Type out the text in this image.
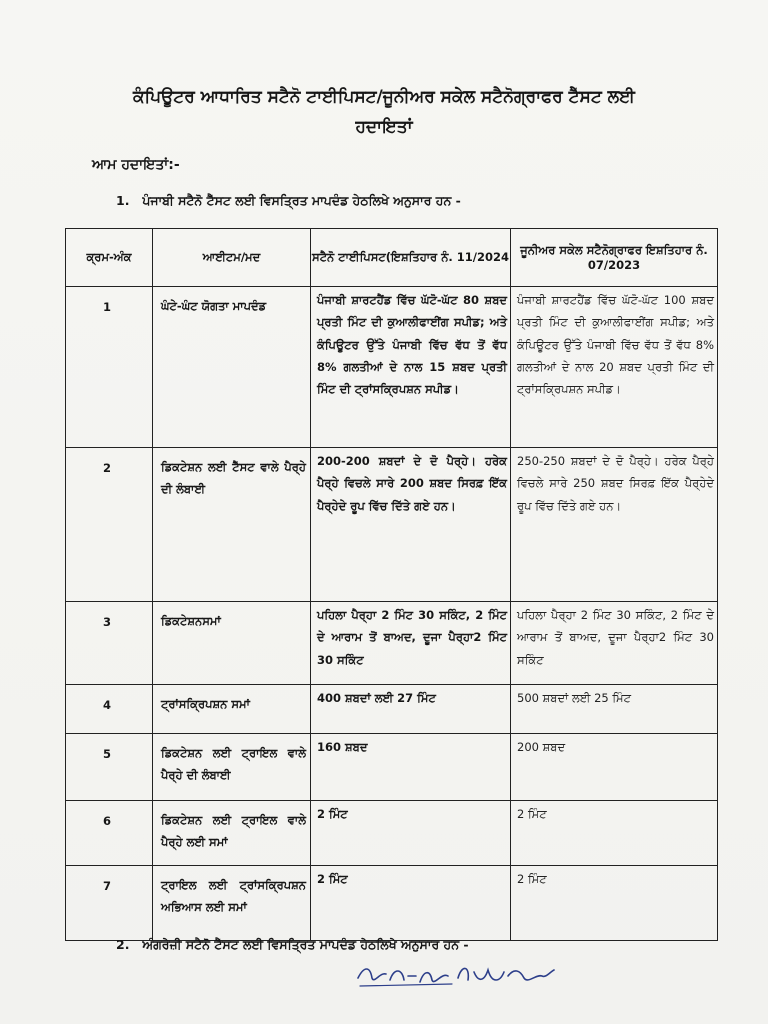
ਕੰਪਿਊਟਰ ਆਧਾਰਿਤ ਸਟੈਨੋ ਟਾਈਪਿਸਟ/ਜੂਨੀਅਰ ਸਕੇਲ ਸਟੈਨੋਗ੍ਰਾਫਰ ਟੈੱਸਟ ਲਈ
ਹਦਾਇਤਾਂ
ਆਮ ਹਦਾਇਤਾਂ:-
1. ਪੰਜਾਬੀ ਸਟੈਨੋ ਟੈੱਸਟ ਲਈ ਵਿਸਤ੍ਰਿਤ ਮਾਪਦੰਡ ਹੇਠਲਿਖੇ ਅਨੁਸਾਰ ਹਨ -
ਕ੍ਰਮ-ਅੰਕ	ਆਈਟਮ/ਮਦ	ਸਟੈਨੋ ਟਾਈਪਿਸਟ(ਇਸ਼ਤਿਹਾਰ ਨੰ. 11/2024	ਜੂਨੀਅਰ ਸਕੇਲ ਸਟੈਨੋਗ੍ਰਾਫਰ ਇਸ਼ਤਿਹਾਰ ਨੰ. 07/2023

1	ਘੰਟੇ-ਘੰਟ ਯੋਗਤਾ ਮਾਪਦੰਡ	ਪੰਜਾਬੀ ਸ਼ਾਰਟਹੈਂਡ ਵਿੱਚ ਘੱਟੋ-ਘੱਟ 80 ਸ਼ਬਦ ਪ੍ਰਤੀ ਮਿੰਟ ਦੀ ਕੁਆਲੀਫਾਈਂਗ ਸਪੀਡ; ਅਤੇ ਕੰਪਿਊਟਰ ਉੱਤੇ ਪੰਜਾਬੀ ਵਿੱਚ ਵੱਧ ਤੋਂ ਵੱਧ 8% ਗਲਤੀਆਂ ਦੇ ਨਾਲ 15 ਸ਼ਬਦ ਪ੍ਰਤੀ ਮਿੰਟ ਦੀ ਟ੍ਰਾਂਸਕ੍ਰਿਪਸ਼ਨ ਸਪੀਡ।	ਪੰਜਾਬੀ ਸ਼ਾਰਟਹੈਂਡ ਵਿੱਚ ਘੱਟੋ-ਘੱਟ 100 ਸ਼ਬਦ ਪ੍ਰਤੀ ਮਿੰਟ ਦੀ ਕੁਆਲੀਫਾਈਂਗ ਸਪੀਡ; ਅਤੇ ਕੰਪਿਊਟਰ ਉੱਤੇ ਪੰਜਾਬੀ ਵਿੱਚ ਵੱਧ ਤੋਂ ਵੱਧ 8% ਗਲਤੀਆਂ ਦੇ ਨਾਲ 20 ਸ਼ਬਦ ਪ੍ਰਤੀ ਮਿੰਟ ਦੀ ਟ੍ਰਾਂਸਕ੍ਰਿਪਸ਼ਨ ਸਪੀਡ।

2	ਡਿਕਟੇਸ਼ਨ ਲਈ ਟੈੱਸਟ ਵਾਲੇ ਪੈਰ੍ਹੇ ਦੀ ਲੰਬਾਈ	200-200 ਸ਼ਬਦਾਂ ਦੇ ਦੋ ਪੈਰ੍ਹੇ। ਹਰੇਕ ਪੈਰ੍ਹੇ ਵਿਚਲੇ ਸਾਰੇ 200 ਸ਼ਬਦ ਸਿਰਫ਼ ਇੱਕ ਪੈਰ੍ਹੇਦੇ ਰੂਪ ਵਿੱਚ ਦਿੱਤੇ ਗਏ ਹਨ।	250-250 ਸ਼ਬਦਾਂ ਦੇ ਦੋ ਪੈਰ੍ਹੇ। ਹਰੇਕ ਪੈਰ੍ਹੇ ਵਿਚਲੇ ਸਾਰੇ 250 ਸ਼ਬਦ ਸਿਰਫ਼ ਇੱਕ ਪੈਰ੍ਹੇਦੇ ਰੂਪ ਵਿੱਚ ਦਿੱਤੇ ਗਏ ਹਨ।

3	ਡਿਕਟੇਸ਼ਨਸਮਾਂ	ਪਹਿਲਾ ਪੈਰ੍ਹਾ 2 ਮਿੰਟ 30 ਸਕਿੰਟ, 2 ਮਿੰਟ ਦੇ ਆਰਾਮ ਤੋਂ ਬਾਅਦ, ਦੂਜਾ ਪੈਰ੍ਹਾ2 ਮਿੰਟ 30 ਸਕਿੰਟ	ਪਹਿਲਾ ਪੈਰ੍ਹਾ 2 ਮਿੰਟ 30 ਸਕਿੰਟ, 2 ਮਿੰਟ ਦੇ ਆਰਾਮ ਤੋਂ ਬਾਅਦ, ਦੂਜਾ ਪੈਰ੍ਹਾ2 ਮਿੰਟ 30 ਸਕਿੰਟ

4	ਟ੍ਰਾਂਸਕ੍ਰਿਪਸ਼ਨ ਸਮਾਂ	400 ਸ਼ਬਦਾਂ ਲਈ 27 ਮਿੰਟ	500 ਸ਼ਬਦਾਂ ਲਈ 25 ਮਿੰਟ

5	ਡਿਕਟੇਸ਼ਨ ਲਈ ਟ੍ਰਾਇਲ ਵਾਲੇ ਪੈਰ੍ਹੇ ਦੀ ਲੰਬਾਈ	160 ਸ਼ਬਦ	200 ਸ਼ਬਦ

6	ਡਿਕਟੇਸ਼ਨ ਲਈ ਟ੍ਰਾਇਲ ਵਾਲੇ ਪੈਰ੍ਹੇ ਲਈ ਸਮਾਂ	2 ਮਿੰਟ	2 ਮਿੰਟ

7	ਟ੍ਰਾਇਲ ਲਈ ਟ੍ਰਾਂਸਕ੍ਰਿਪਸ਼ਨ ਅਭਿਆਸ ਲਈ ਸਮਾਂ	2 ਮਿੰਟ	2 ਮਿੰਟ
2. ਅੰਗਰੇਜ਼ੀ ਸਟੈਨੋ ਟੈੱਸਟ ਲਈ ਵਿਸਤ੍ਰਿਤ ਮਾਪਦੰਡ ਹੇਠਲਿਖੇ ਅਨੁਸਾਰ ਹਨ -
